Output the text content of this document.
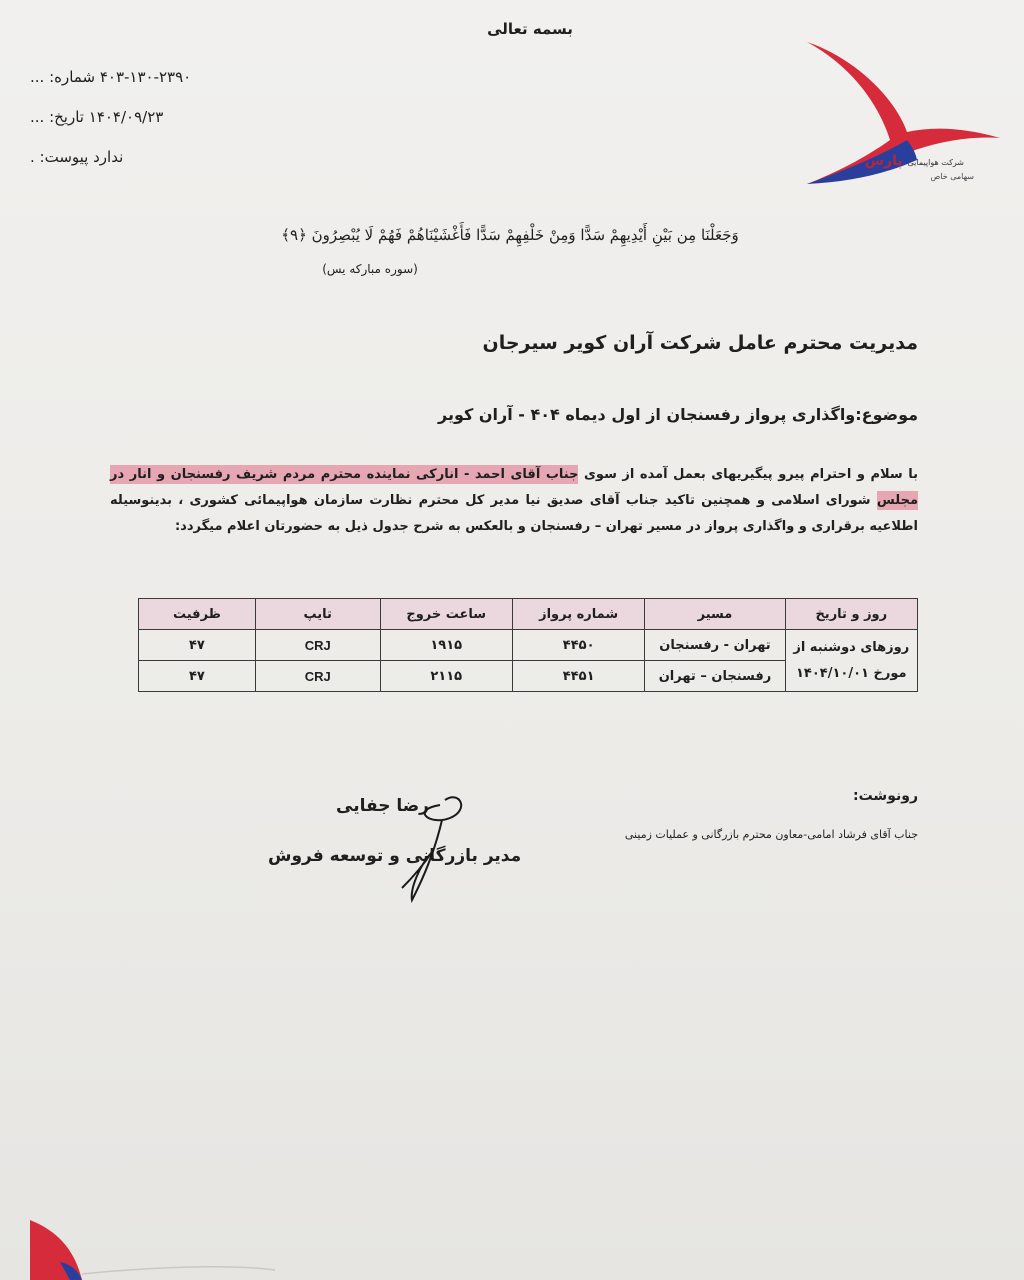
بسمه تعالی
شماره: ... ۴۰۳-۱۳۰-۲۳۹۰
تاریخ: ... ۱۴۰۴/۰۹/۲۳
پیوست: . ندارد	شرکت هواپیمایی پارس
سهامی خاص
وَجَعَلْنَا مِن بَيْنِ أَيْدِيهِمْ سَدًّا وَمِنْ خَلْفِهِمْ سَدًّا فَأَغْشَيْنَاهُمْ فَهُمْ لَا يُبْصِرُونَ ﴿۹﴾
(سوره مبارکه یس)
مدیریت محترم عامل شرکت آران کویر سیرجان
موضوع:واگذاری پرواز رفسنجان از اول دیماه ۴۰۴ - آران کویر
با سلام و احترام پیرو پیگیریهای بعمل آمده از سوی جناب آقای احمد - انارکی نماینده محترم مردم شریف رفسنجان و انار در مجلس شورای اسلامی و همچنین تاکید جناب آقای صدیق نیا مدیر کل محترم نظارت سازمان هواپیمائی کشوری ، بدینوسیله اطلاعیه برقراری و واگذاری پرواز در مسیر تهران – رفسنجان و بالعکس به شرح جدول ذیل به حضورتان اعلام میگردد:
روز و تاریخ	مسیر	شماره پرواز	ساعت خروج	تایپ	ظرفیت

روزهای دوشنبه از
مورخ ۱۴۰۴/۱۰/۰۱	تهران - رفسنجان	۴۴۵۰	۱۹۱۵	CRJ	۴۷
	رفسنجان – تهران	۴۴۵۱	۲۱۱۵	CRJ	۴۷
رونوشت:
جناب آقای فرشاد امامی-معاون محترم بازرگانی و عملیات زمینی
رضا جفایی
مدیر بازرگانی و توسعه فروش
